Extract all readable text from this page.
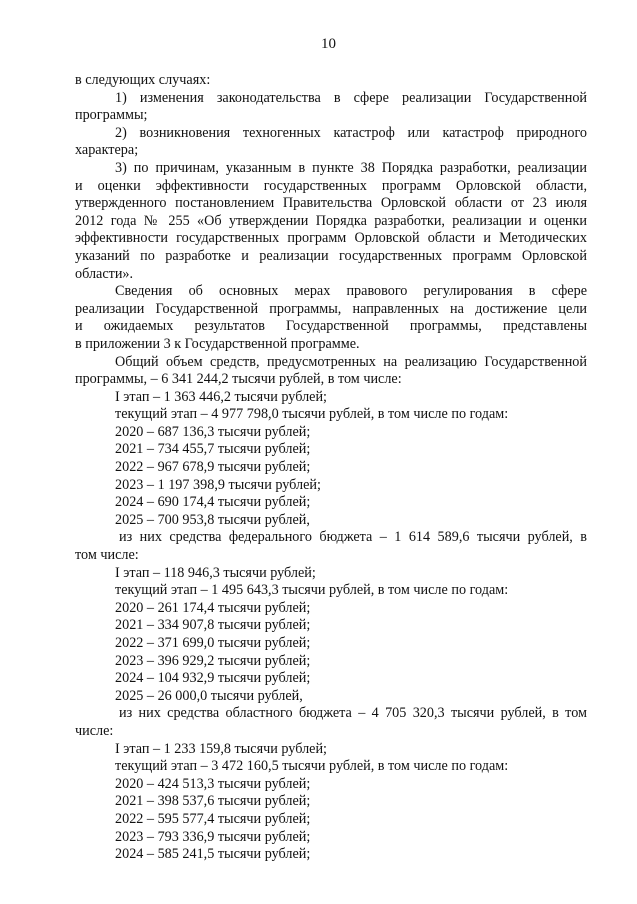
10
в следующих случаях:
1) изменения законодательства в сфере реализации Государственной
программы;
2) возникновения техногенных катастроф или катастроф природного
характера;
3) по причинам, указанным в пункте 38 Порядка разработки, реализации
и оценки эффективности государственных программ Орловской области,
утвержденного постановлением Правительства Орловской области от 23 июля
2012 года № 255 «Об утверждении Порядка разработки, реализации и оценки
эффективности государственных программ Орловской области и Методических
указаний по разработке и реализации государственных программ Орловской
области».
Сведения об основных мерах правового регулирования в сфере
реализации Государственной программы, направленных на достижение цели
и ожидаемых результатов Государственной программы, представлены
в приложении 3 к Государственной программе.
Общий объем средств, предусмотренных на реализацию Государственной
программы, – 6 341 244,2 тысячи рублей, в том числе:
I этап – 1 363 446,2 тысячи рублей;
текущий этап – 4 977 798,0 тысячи рублей, в том числе по годам:
2020 – 687 136,3 тысячи рублей;
2021 – 734 455,7 тысячи рублей;
2022 – 967 678,9 тысячи рублей;
2023 – 1 197 398,9 тысячи рублей;
2024 – 690 174,4 тысячи рублей;
2025 – 700 953,8 тысячи рублей,
из них средства федерального бюджета – 1 614 589,6 тысячи рублей, в
том числе:
I этап – 118 946,3 тысячи рублей;
текущий этап – 1 495 643,3 тысячи рублей, в том числе по годам:
2020 – 261 174,4 тысячи рублей;
2021 – 334 907,8 тысячи рублей;
2022 – 371 699,0 тысячи рублей;
2023 – 396 929,2 тысячи рублей;
2024 – 104 932,9 тысячи рублей;
2025 – 26 000,0 тысячи рублей,
из них средства областного бюджета – 4 705 320,3 тысячи рублей, в том
числе:
I этап – 1 233 159,8 тысячи рублей;
текущий этап – 3 472 160,5 тысячи рублей, в том числе по годам:
2020 – 424 513,3 тысячи рублей;
2021 – 398 537,6 тысячи рублей;
2022 – 595 577,4 тысячи рублей;
2023 – 793 336,9 тысячи рублей;
2024 – 585 241,5 тысячи рублей;
